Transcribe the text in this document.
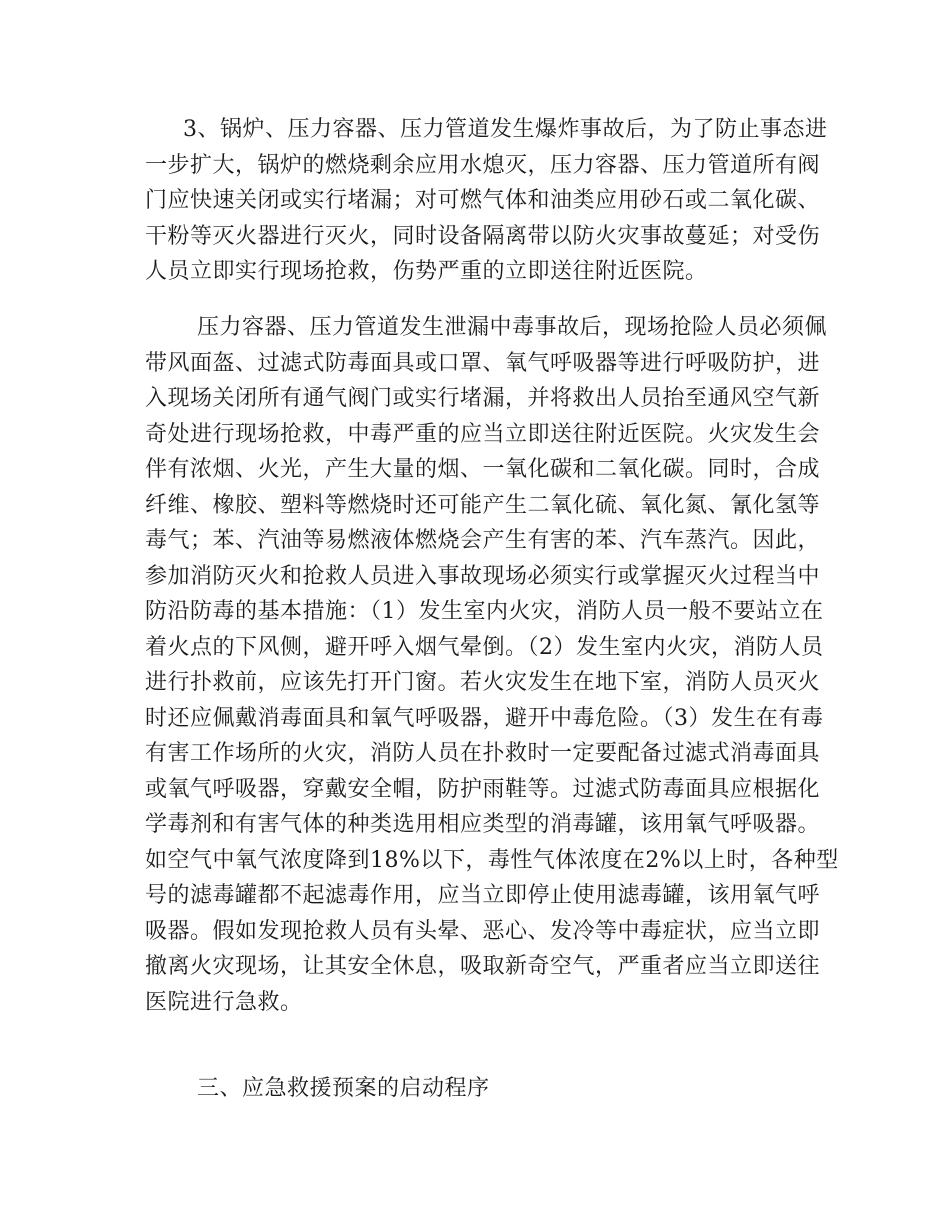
3、锅炉、压力容器、压力管道发生爆炸事故后，为了防止事态进
一步扩大，锅炉的燃烧剩余应用水熄灭，压力容器、压力管道所有阀
门应快速关闭或实行堵漏；对可燃气体和油类应用砂石或二氧化碳、
干粉等灭火器进行灭火，同时设备隔离带以防火灾事故蔓延；对受伤
人员立即实行现场抢救，伤势严重的立即送往附近医院。
压力容器、压力管道发生泄漏中毒事故后，现场抢险人员必须佩
带风面盔、过滤式防毒面具或口罩、氧气呼吸器等进行呼吸防护，进
入现场关闭所有通气阀门或实行堵漏，并将救出人员抬至通风空气新
奇处进行现场抢救，中毒严重的应当立即送往附近医院。火灾发生会
伴有浓烟、火光，产生大量的烟、一氧化碳和二氧化碳。同时，合成
纤维、橡胶、塑料等燃烧时还可能产生二氧化硫、氧化氮、氰化氢等
毒气；苯、汽油等易燃液体燃烧会产生有害的苯、汽车蒸汽。因此，
参加消防灭火和抢救人员进入事故现场必须实行或掌握灭火过程当中
防沿防毒的基本措施：（1）发生室内火灾，消防人员一般不要站立在
着火点的下风侧，避开呼入烟气晕倒。（2）发生室内火灾，消防人员
进行扑救前，应该先打开门窗。若火灾发生在地下室，消防人员灭火
时还应佩戴消毒面具和氧气呼吸器，避开中毒危险。（3）发生在有毒
有害工作场所的火灾，消防人员在扑救时一定要配备过滤式消毒面具
或氧气呼吸器，穿戴安全帽，防护雨鞋等。过滤式防毒面具应根据化
学毒剂和有害气体的种类选用相应类型的消毒罐，该用氧气呼吸器。
如空气中氧气浓度降到18%以下，毒性气体浓度在2%以上时，各种型
号的滤毒罐都不起滤毒作用，应当立即停止使用滤毒罐，该用氧气呼
吸器。假如发现抢救人员有头晕、恶心、发冷等中毒症状，应当立即
撤离火灾现场，让其安全休息，吸取新奇空气，严重者应当立即送往
医院进行急救。
三、应急救援预案的启动程序
